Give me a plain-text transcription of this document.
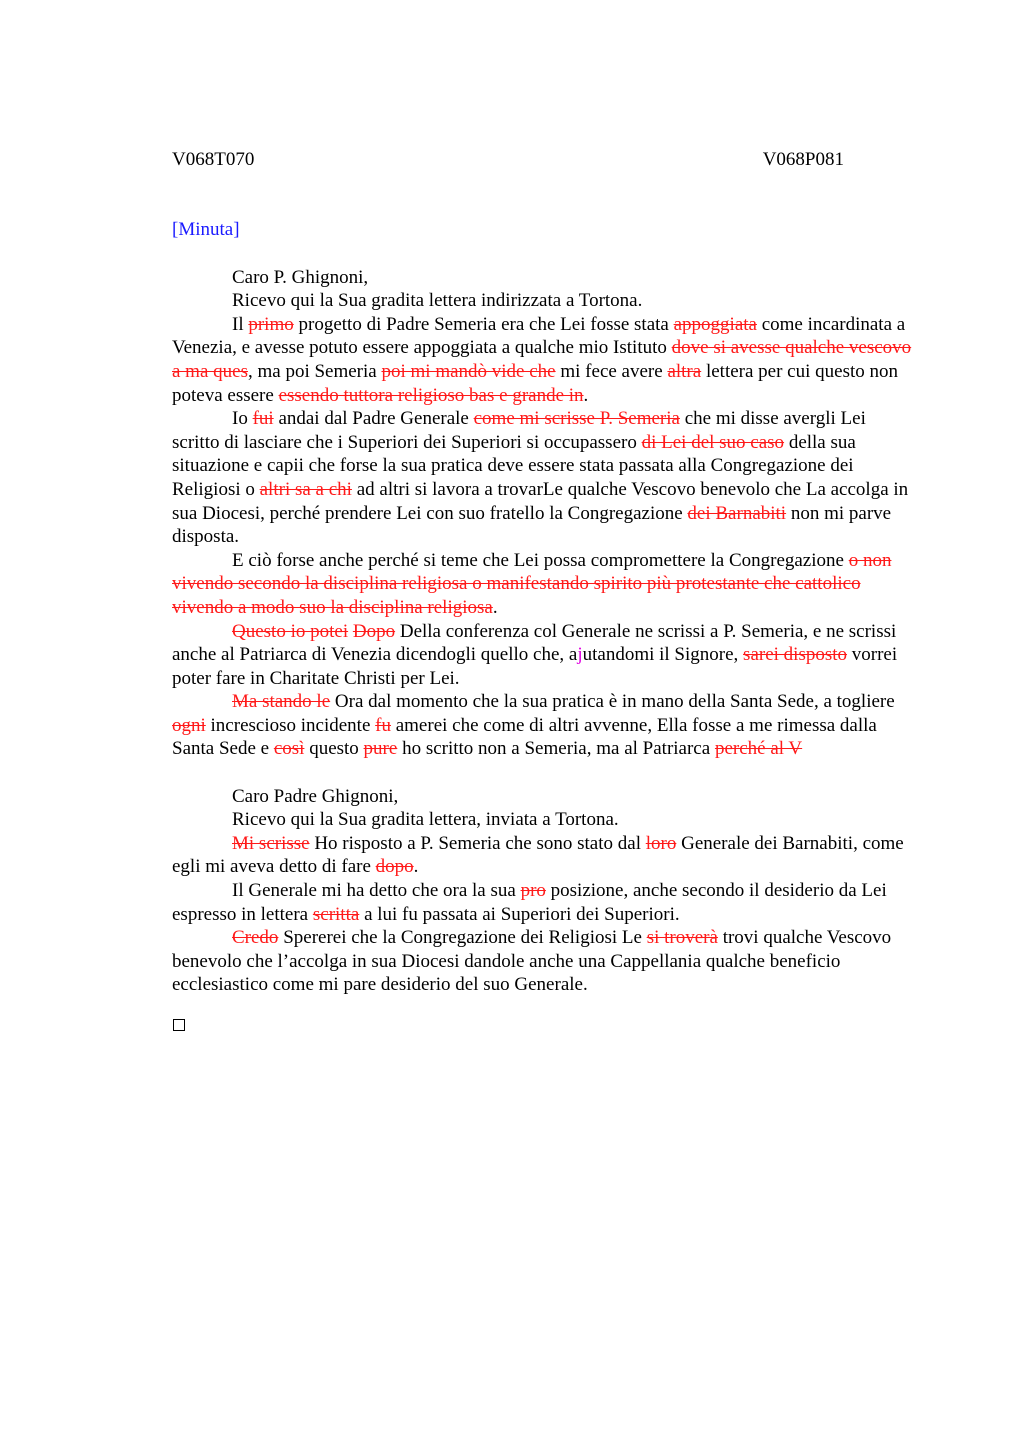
V068T070	V068P081
[Minuta]

Caro P. Ghignoni,

Ricevo qui la Sua gradita lettera indirizzata a Tortona.

Il primo progetto di Padre Semeria era che Lei fosse stata appoggiata come incardinata a Venezia, e avesse potuto essere appoggiata a qualche mio Istituto dove si avesse qualche vescovo a ma ques, ma poi Semeria poi mi mandò vide che mi fece avere altra lettera per cui questo non poteva essere essendo tuttora religioso bas e grande in.

Io fui andai dal Padre Generale come mi scrisse P. Semeria che mi disse avergli Lei scritto di lasciare che i Superiori dei Superiori si occupassero di Lei del suo caso della sua situazione e capii che forse la sua pratica deve essere stata passata alla Congregazione dei Religiosi o altri sa a chi ad altri si lavora a trovarLe qualche Vescovo benevolo che La accolga in sua Diocesi, perché prendere Lei con suo fratello la Congregazione dei Barnabiti non mi parve disposta.

E ciò forse anche perché si teme che Lei possa compromettere la Congregazione o non vivendo secondo la disciplina religiosa o manifestando spirito più protestante che cattolico vivendo a modo suo la disciplina religiosa.

Questo io potei Dopo Della conferenza col Generale ne scrissi a P. Semeria, e ne scrissi anche al Patriarca di Venezia dicendogli quello che, ajutandomi il Signore, sarei disposto vorrei poter fare in Charitate Christi per Lei.

Ma stando le Ora dal momento che la sua pratica è in mano della Santa Sede, a togliere ogni increscioso incidente fu amerei che come di altri avvenne, Ella fosse a me rimessa dalla Santa Sede e così questo pure ho scritto non a Semeria, ma al Patriarca perché al V

Caro Padre Ghignoni,

Ricevo qui la Sua gradita lettera, inviata a Tortona.

Mi scrisse Ho risposto a P. Semeria che sono stato dal loro Generale dei Barnabiti, come egli mi aveva detto di fare dopo.

Il Generale mi ha detto che ora la sua pro posizione, anche secondo il desiderio da Lei espresso in lettera scritta a lui fu passata ai Superiori dei Superiori.

Credo Spererei che la Congregazione dei Religiosi Le si troverà trovi qualche Vescovo benevolo che l’accolga in sua Diocesi dandole anche una Cappellania qualche beneficio ecclesiastico come mi pare desiderio del suo Generale.
